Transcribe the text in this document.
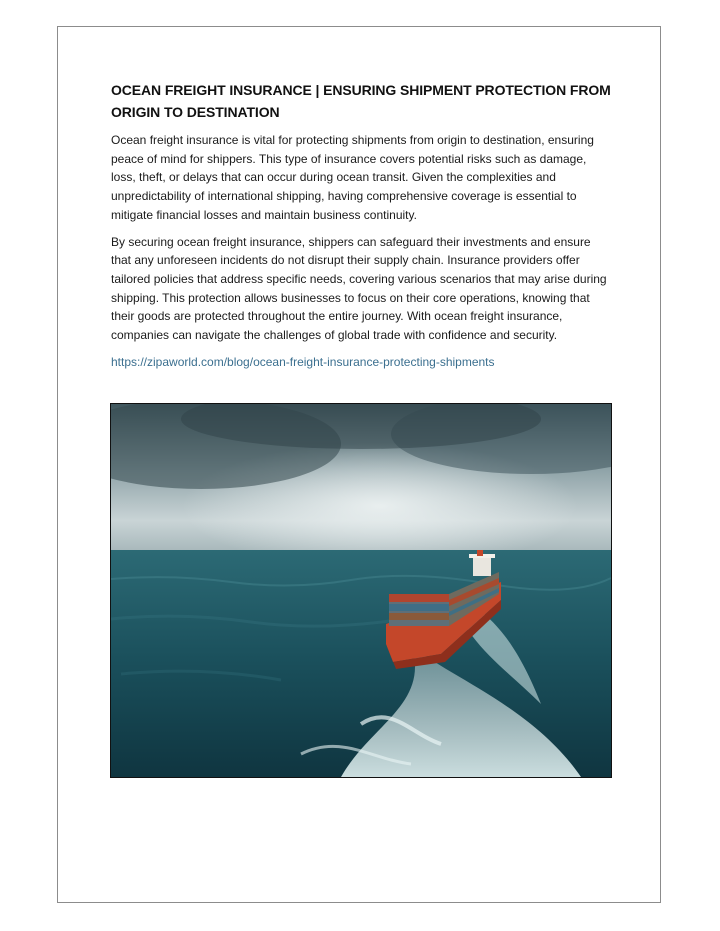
OCEAN FREIGHT INSURANCE | ENSURING SHIPMENT PROTECTION FROM ORIGIN TO DESTINATION

Ocean freight insurance is vital for protecting shipments from origin to destination, ensuring peace of mind for shippers. This type of insurance covers potential risks such as damage, loss, theft, or delays that can occur during ocean transit. Given the complexities and unpredictability of international shipping, having comprehensive coverage is essential to mitigate financial losses and maintain business continuity.

By securing ocean freight insurance, shippers can safeguard their investments and ensure that any unforeseen incidents do not disrupt their supply chain. Insurance providers offer tailored policies that address specific needs, covering various scenarios that may arise during shipping. This protection allows businesses to focus on their core operations, knowing that their goods are protected throughout the entire journey. With ocean freight insurance, companies can navigate the challenges of global trade with confidence and security.

https://zipaworld.com/blog/ocean-freight-insurance-protecting-shipments
